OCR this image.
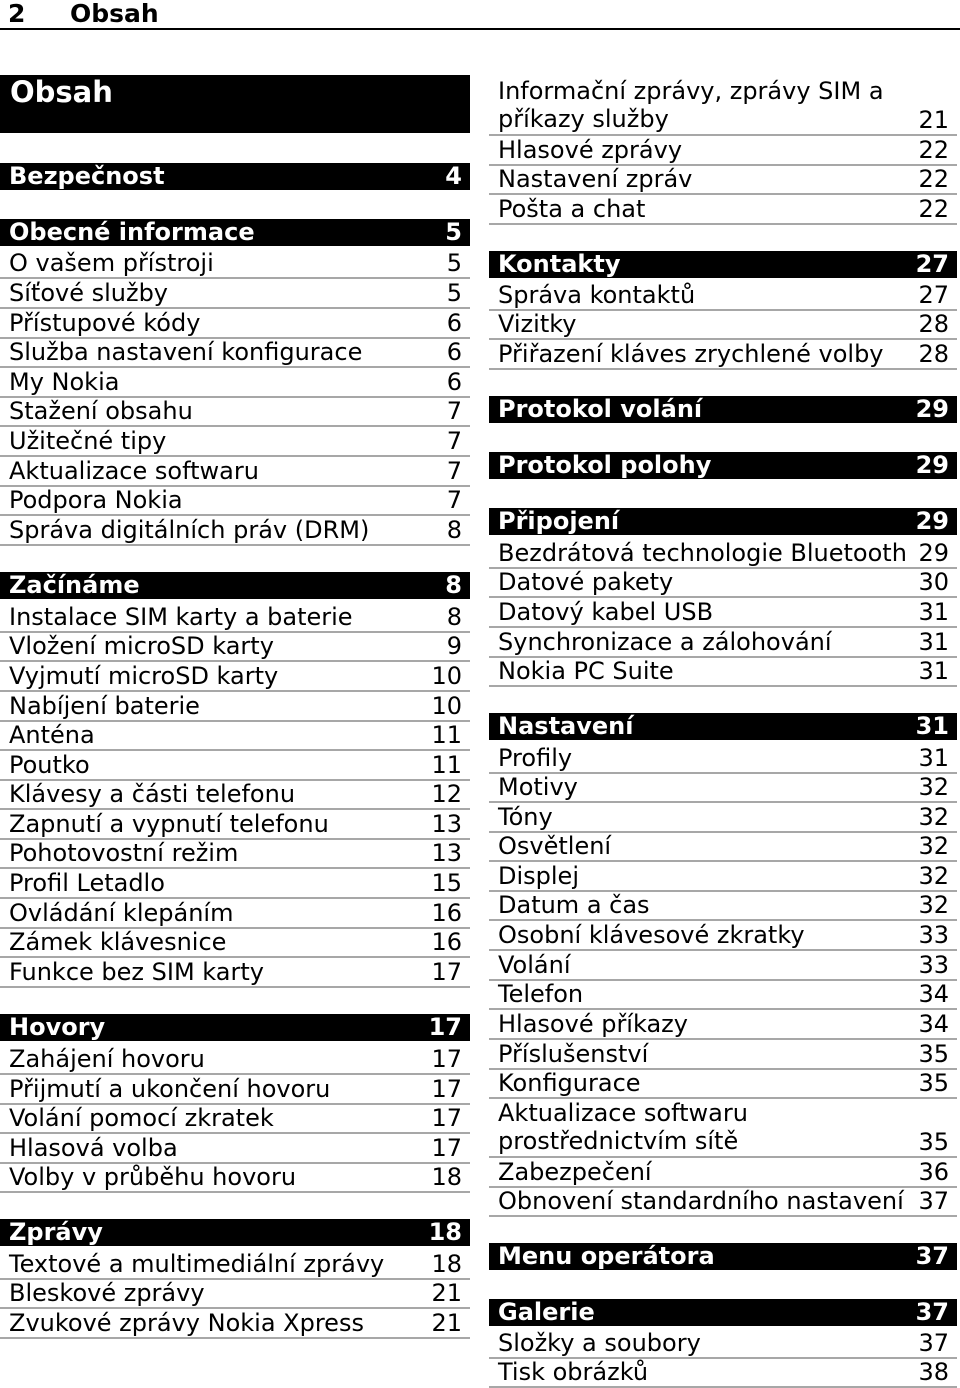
2 Obsah
Obsah
Bezpečnost	4
Obecné informace	5
O vašem přístroji	5
Síťové služby	5
Přístupové kódy	6
Služba nastavení konfigurace	6
My Nokia	6
Stažení obsahu	7
Užitečné tipy	7
Aktualizace softwaru	7
Podpora Nokia	7
Správa digitálních práv (DRM)	8
Začínáme	8
Instalace SIM karty a baterie	8
Vložení microSD karty	9
Vyjmutí microSD karty	10
Nabíjení baterie	10
Anténa	11
Poutko	11
Klávesy a části telefonu	12
Zapnutí a vypnutí telefonu	13
Pohotovostní režim	13
Profil Letadlo	15
Ovládání klepáním	16
Zámek klávesnice	16
Funkce bez SIM karty	17
Hovory	17
Zahájení hovoru	17
Přijmutí a ukončení hovoru	17
Volání pomocí zkratek	17
Hlasová volba	17
Volby v průběhu hovoru	18
Zprávy	18
Textové a multimediální zprávy 18
Bleskové zprávy	21
Zvukové zprávy Nokia Xpress	21
Informační zprávy, zprávy SIM a příkazy služby	21
Hlasové zprávy	22
Nastavení zpráv	22
Pošta a chat	22
Kontakty	27
Správa kontaktů	27
Vizitky	28
Přiřazení kláves zrychlené volby 28
Protokol volání	29
Protokol polohy	29
Připojení	29
Bezdrátová technologie Bluetooth 29
Datové pakety	30
Datový kabel USB	31
Synchronizace a zálohování	31
Nokia PC Suite	31
Nastavení	31
Profily	31
Motivy	32
Tóny	32
Osvětlení	32
Displej	32
Datum a čas	32
Osobní klávesové zkratky	33
Volání	33
Telefon	34
Hlasové příkazy	34
Příslušenství	35
Konfigurace	35
Aktualizace softwaru prostřednictvím sítě	35
Zabezpečení	36
Obnovení standardního nastavení 37
Menu operátora	37
Galerie	37
Složky a soubory	37
Tisk obrázků	38
